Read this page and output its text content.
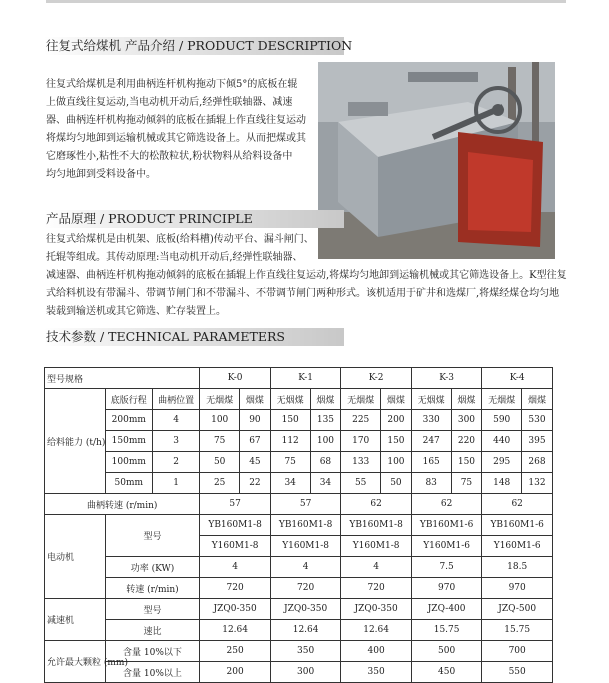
往复式给煤机 产品介绍 / PRODUCT DESCRIPTION
往复式给煤机是利用曲柄连杆机构拖动下倾5°的底板在辊
上做直线往复运动,当电动机开动后,经弹性联轴器、减速
器、曲柄连杆机构拖动倾斜的底板在插辊上作直线往复运动
将煤均匀地卸到运输机械或其它筛选设备上。从而把煤或其
它磨琢性小,粘性不大的松散粒状,粉状物料从给料设备中
均匀地卸到受料设备中。
产品原理 / PRODUCT PRINCIPLE
往复式给煤机是由机架、底板(给料槽)传动平台、漏斗闸门、
托辊等组成。其传动原理:当电动机开动后,经弹性联轴器、
减速器、曲柄连杆机构拖动倾斜的底板在插辊上作直线往复运动,将煤均匀地卸到运输机械或其它筛选设备上。K型往复
式给料机设有带漏斗、带调节闸门和不带漏斗、不带调节闸门两种形式。该机适用于矿井和选煤厂,将煤经煤仓均匀地
装载到输送机或其它筛选、贮存装置上。
技术参数 / TECHNICAL PARAMETERS
型号规格			K-0		K-1		K-2		K-3		K-4	
给料能力 (t/h)	底版行程	曲柄位置	无烟煤	烟煤	无烟煤	烟煤	无烟煤	烟煤	无烟煤	烟煤	无烟煤	烟煤
	200mm	4	100	90	150	135	225	200	330	300	590	530
	150mm	3	75	67	112	100	170	150	247	220	440	395
	100mm	2	50	45	75	68	133	100	165	150	295	268
	50mm	1	25	22	34	34	55	50	83	75	148	132
曲柄转速 (r/min)			57		57		62		62		62	
电动机	型号		YB160M1-8		YB160M1-8		YB160M1-8		YB160M1-6		YB160M1-6	
			Y160M1-8		Y160M1-8		Y160M1-8		Y160M1-6		Y160M1-6	
	功率 (KW)		4		4		4		7.5		18.5	
	转速 (r/min)		720		720		720		970		970	
减速机	型号		JZQ0-350		JZQ0-350		JZQ0-350		JZQ-400		JZQ-500	
	速比		12.64		12.64		12.64		15.75		15.75	
允许最大颗粒 (mm)	含量 10%以下		250		350		400		500		700	
	含量 10%以上		200		300		350		450		550	
